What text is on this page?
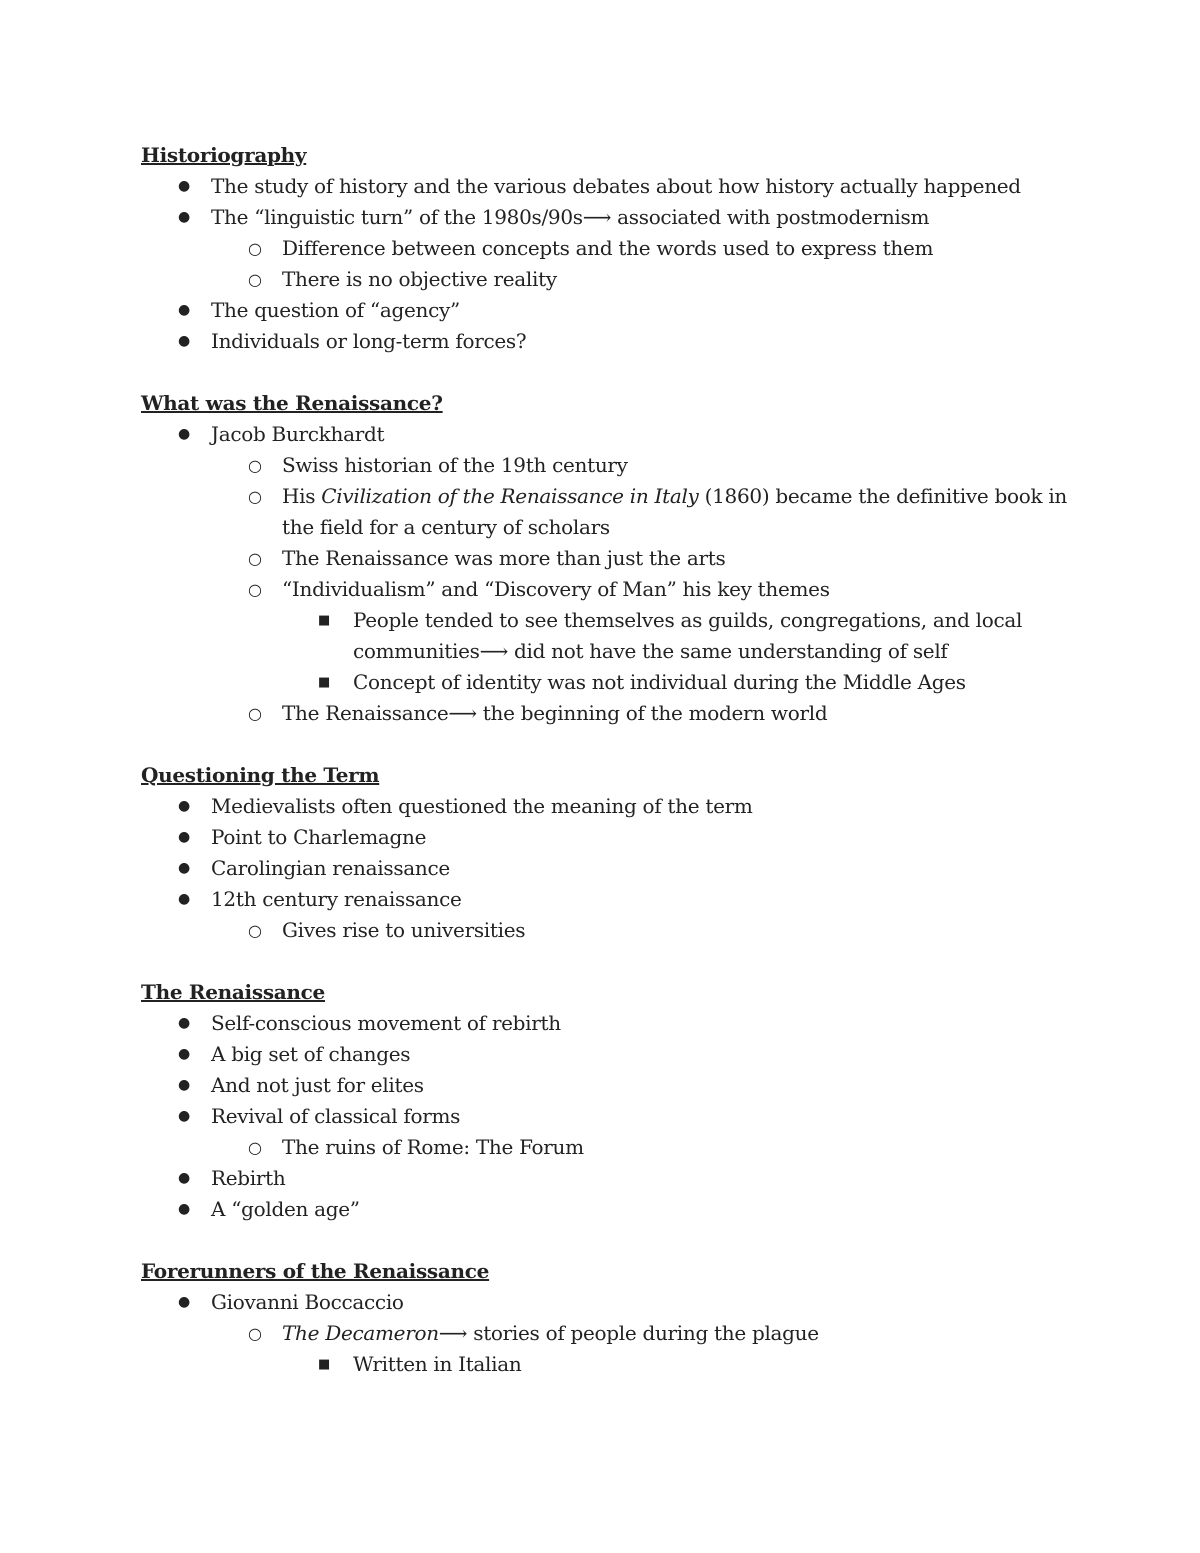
Historiography
● The study of history and the various debates about how history actually happened
● The “linguistic turn” of the 1980s/90s⟶ associated with postmodernism
○ Difference between concepts and the words used to express them
○ There is no objective reality
● The question of “agency”
● Individuals or long-term forces?
What was the Renaissance?
● Jacob Burckhardt
○ Swiss historian of the 19th century
○ His Civilization of the Renaissance in Italy (1860) became the definitive book in the field for a century of scholars
○ The Renaissance was more than just the arts
○ “Individualism” and “Discovery of Man” his key themes
■ People tended to see themselves as guilds, congregations, and local communities⟶ did not have the same understanding of self
■ Concept of identity was not individual during the Middle Ages
○ The Renaissance⟶ the beginning of the modern world
Questioning the Term
● Medievalists often questioned the meaning of the term
● Point to Charlemagne
● Carolingian renaissance
● 12th century renaissance
○ Gives rise to universities
The Renaissance
● Self-conscious movement of rebirth
● A big set of changes
● And not just for elites
● Revival of classical forms
○ The ruins of Rome: The Forum
● Rebirth
● A “golden age”
Forerunners of the Renaissance
● Giovanni Boccaccio
○ The Decameron⟶ stories of people during the plague
■ Written in Italian
